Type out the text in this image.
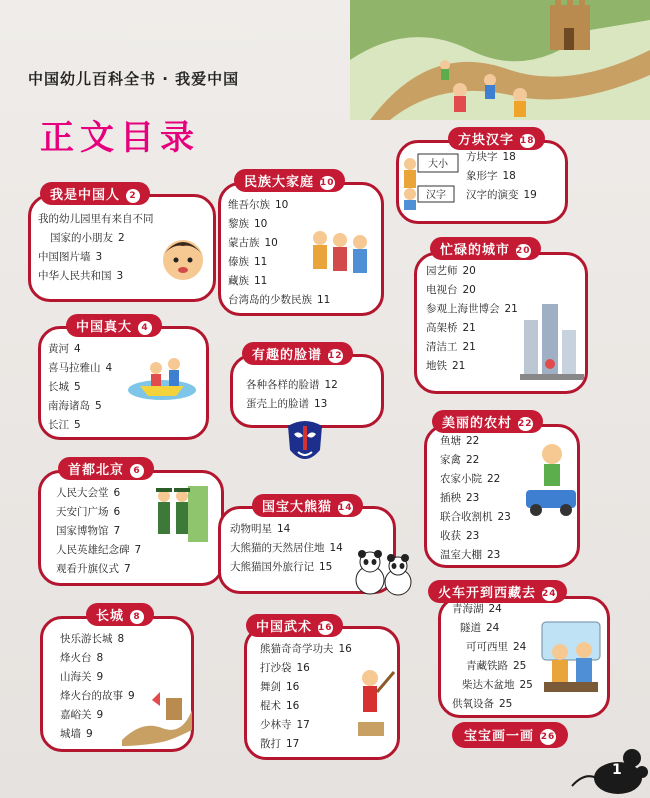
中国幼儿百科全书 · 我爱中国
正文目录
我是中国人 2
我的幼儿园里有来自不同
国家的小朋友 2
中国图片墙 3
中华人民共和国 3
中国真大 4
黄河 4
喜马拉雅山 4
长城 5
南海诸岛 5
长江 5
首都北京 6
人民大会堂 6
天安门广场 6
国家博物馆 7
人民英雄纪念碑 7
观看升旗仪式 7
长城 8
快乐游长城 8
烽火台 8
山海关 9
烽火台的故事 9
嘉峪关 9
城墙 9
民族大家庭 10
维吾尔族 10
黎族 10
蒙古族 10
傣族 11
藏族 11
台湾岛的少数民族 11
有趣的脸谱 12
各种各样的脸谱 12
蛋壳上的脸谱 13
国宝大熊猫 14
动物明星 14
大熊猫的天然居住地 14
大熊猫国外旅行记 15
中国武术 16
熊猫奇奇学功夫 16
打沙袋 16
舞剑 16
棍术 16
少林寺 17
散打 17
方块汉字 18
方块字 18
象形字 18
汉字的演变 19
大小
汉字
忙碌的城市 20
园艺师 20
电视台 20
参观上海世博会 21
高架桥 21
清洁工 21
地铁 21
美丽的农村 22
鱼塘 22
家禽 22
农家小院 22
插秧 23
联合收割机 23
收获 23
温室大棚 23
火车开到西藏去 24
青海湖 24
隧道 24
可可西里 24
青藏铁路 25
柴达木盆地 25
供氧设备 25
宝宝画一画 26
1
